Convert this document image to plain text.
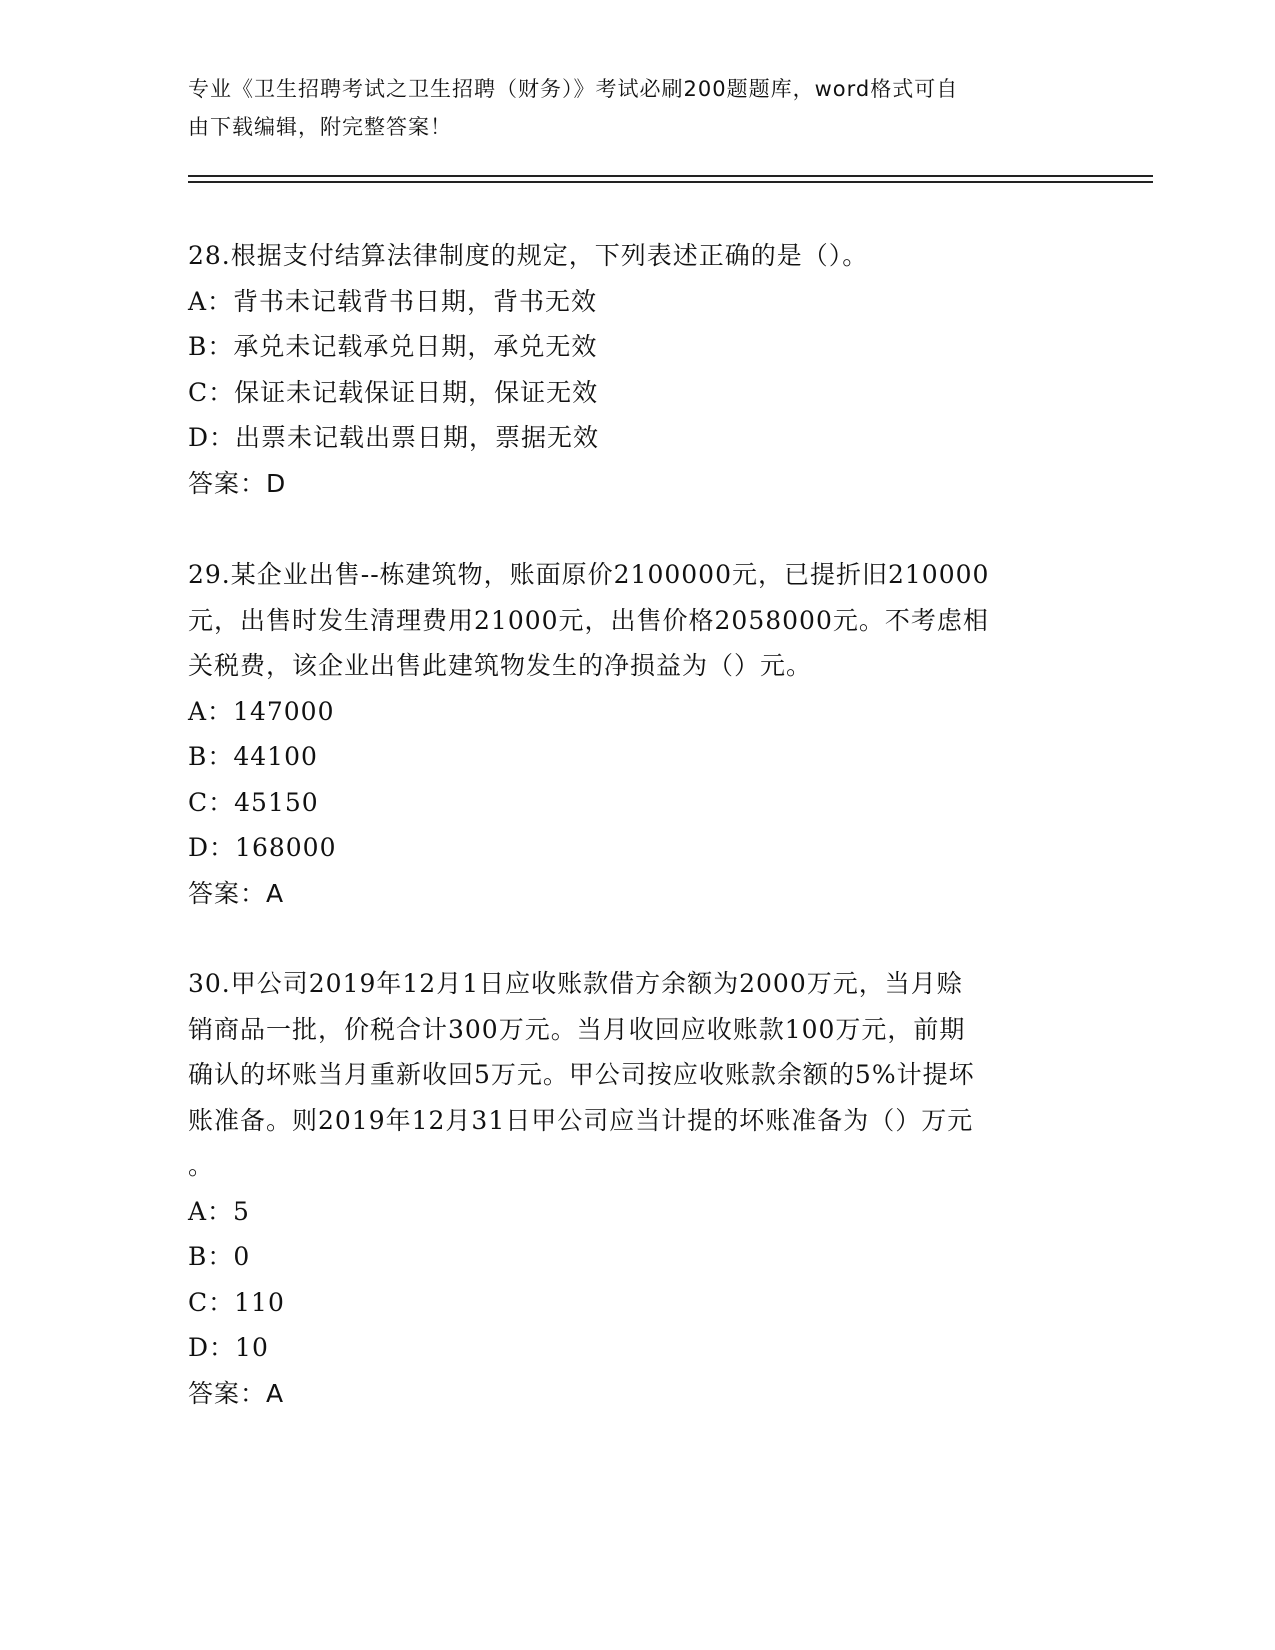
专业《卫生招聘考试之卫生招聘（财务）》考试必刷200题题库，word格式可自
由下载编辑，附完整答案！
28.根据支付结算法律制度的规定，下列表述正确的是（）。
A：背书未记载背书日期，背书无效
B：承兑未记载承兑日期，承兑无效
C：保证未记载保证日期，保证无效
D：出票未记载出票日期，票据无效
答案：D
29.某企业出售--栋建筑物，账面原价2100000元，已提折旧210000
元，出售时发生清理费用21000元，出售价格2058000元。不考虑相
关税费，该企业出售此建筑物发生的净损益为（）元。
A：147000
B：44100
C：45150
D：168000
答案：A
30.甲公司2019年12月1日应收账款借方余额为2000万元，当月赊
销商品一批，价税合计300万元。当月收回应收账款100万元，前期
确认的坏账当月重新收回5万元。甲公司按应收账款余额的5%计提坏
账准备。则2019年12月31日甲公司应当计提的坏账准备为（）万元
。
A：5
B：0
C：110
D：10
答案：A
